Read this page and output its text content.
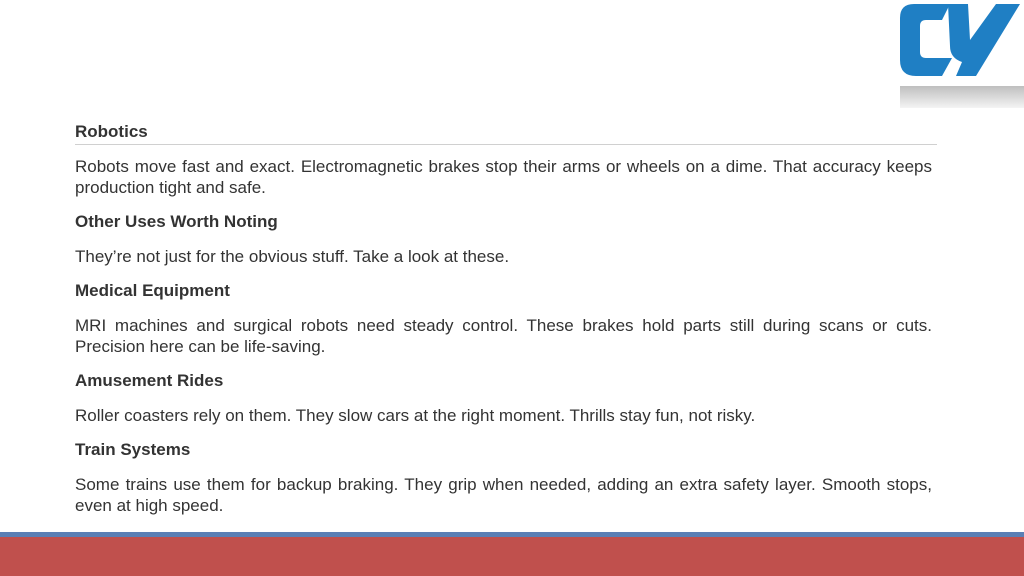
Robotics

Robots move fast and exact. Electromagnetic brakes stop their arms or wheels on a dime. That accuracy keeps production tight and safe.

Other Uses Worth Noting

They’re not just for the obvious stuff. Take a look at these.

Medical Equipment

MRI machines and surgical robots need steady control. These brakes hold parts still during scans or cuts. Precision here can be life-saving.

Amusement Rides

Roller coasters rely on them. They slow cars at the right moment. Thrills stay fun, not risky.

Train Systems

Some trains use them for backup braking. They grip when needed, adding an extra safety layer. Smooth stops, even at high speed.
